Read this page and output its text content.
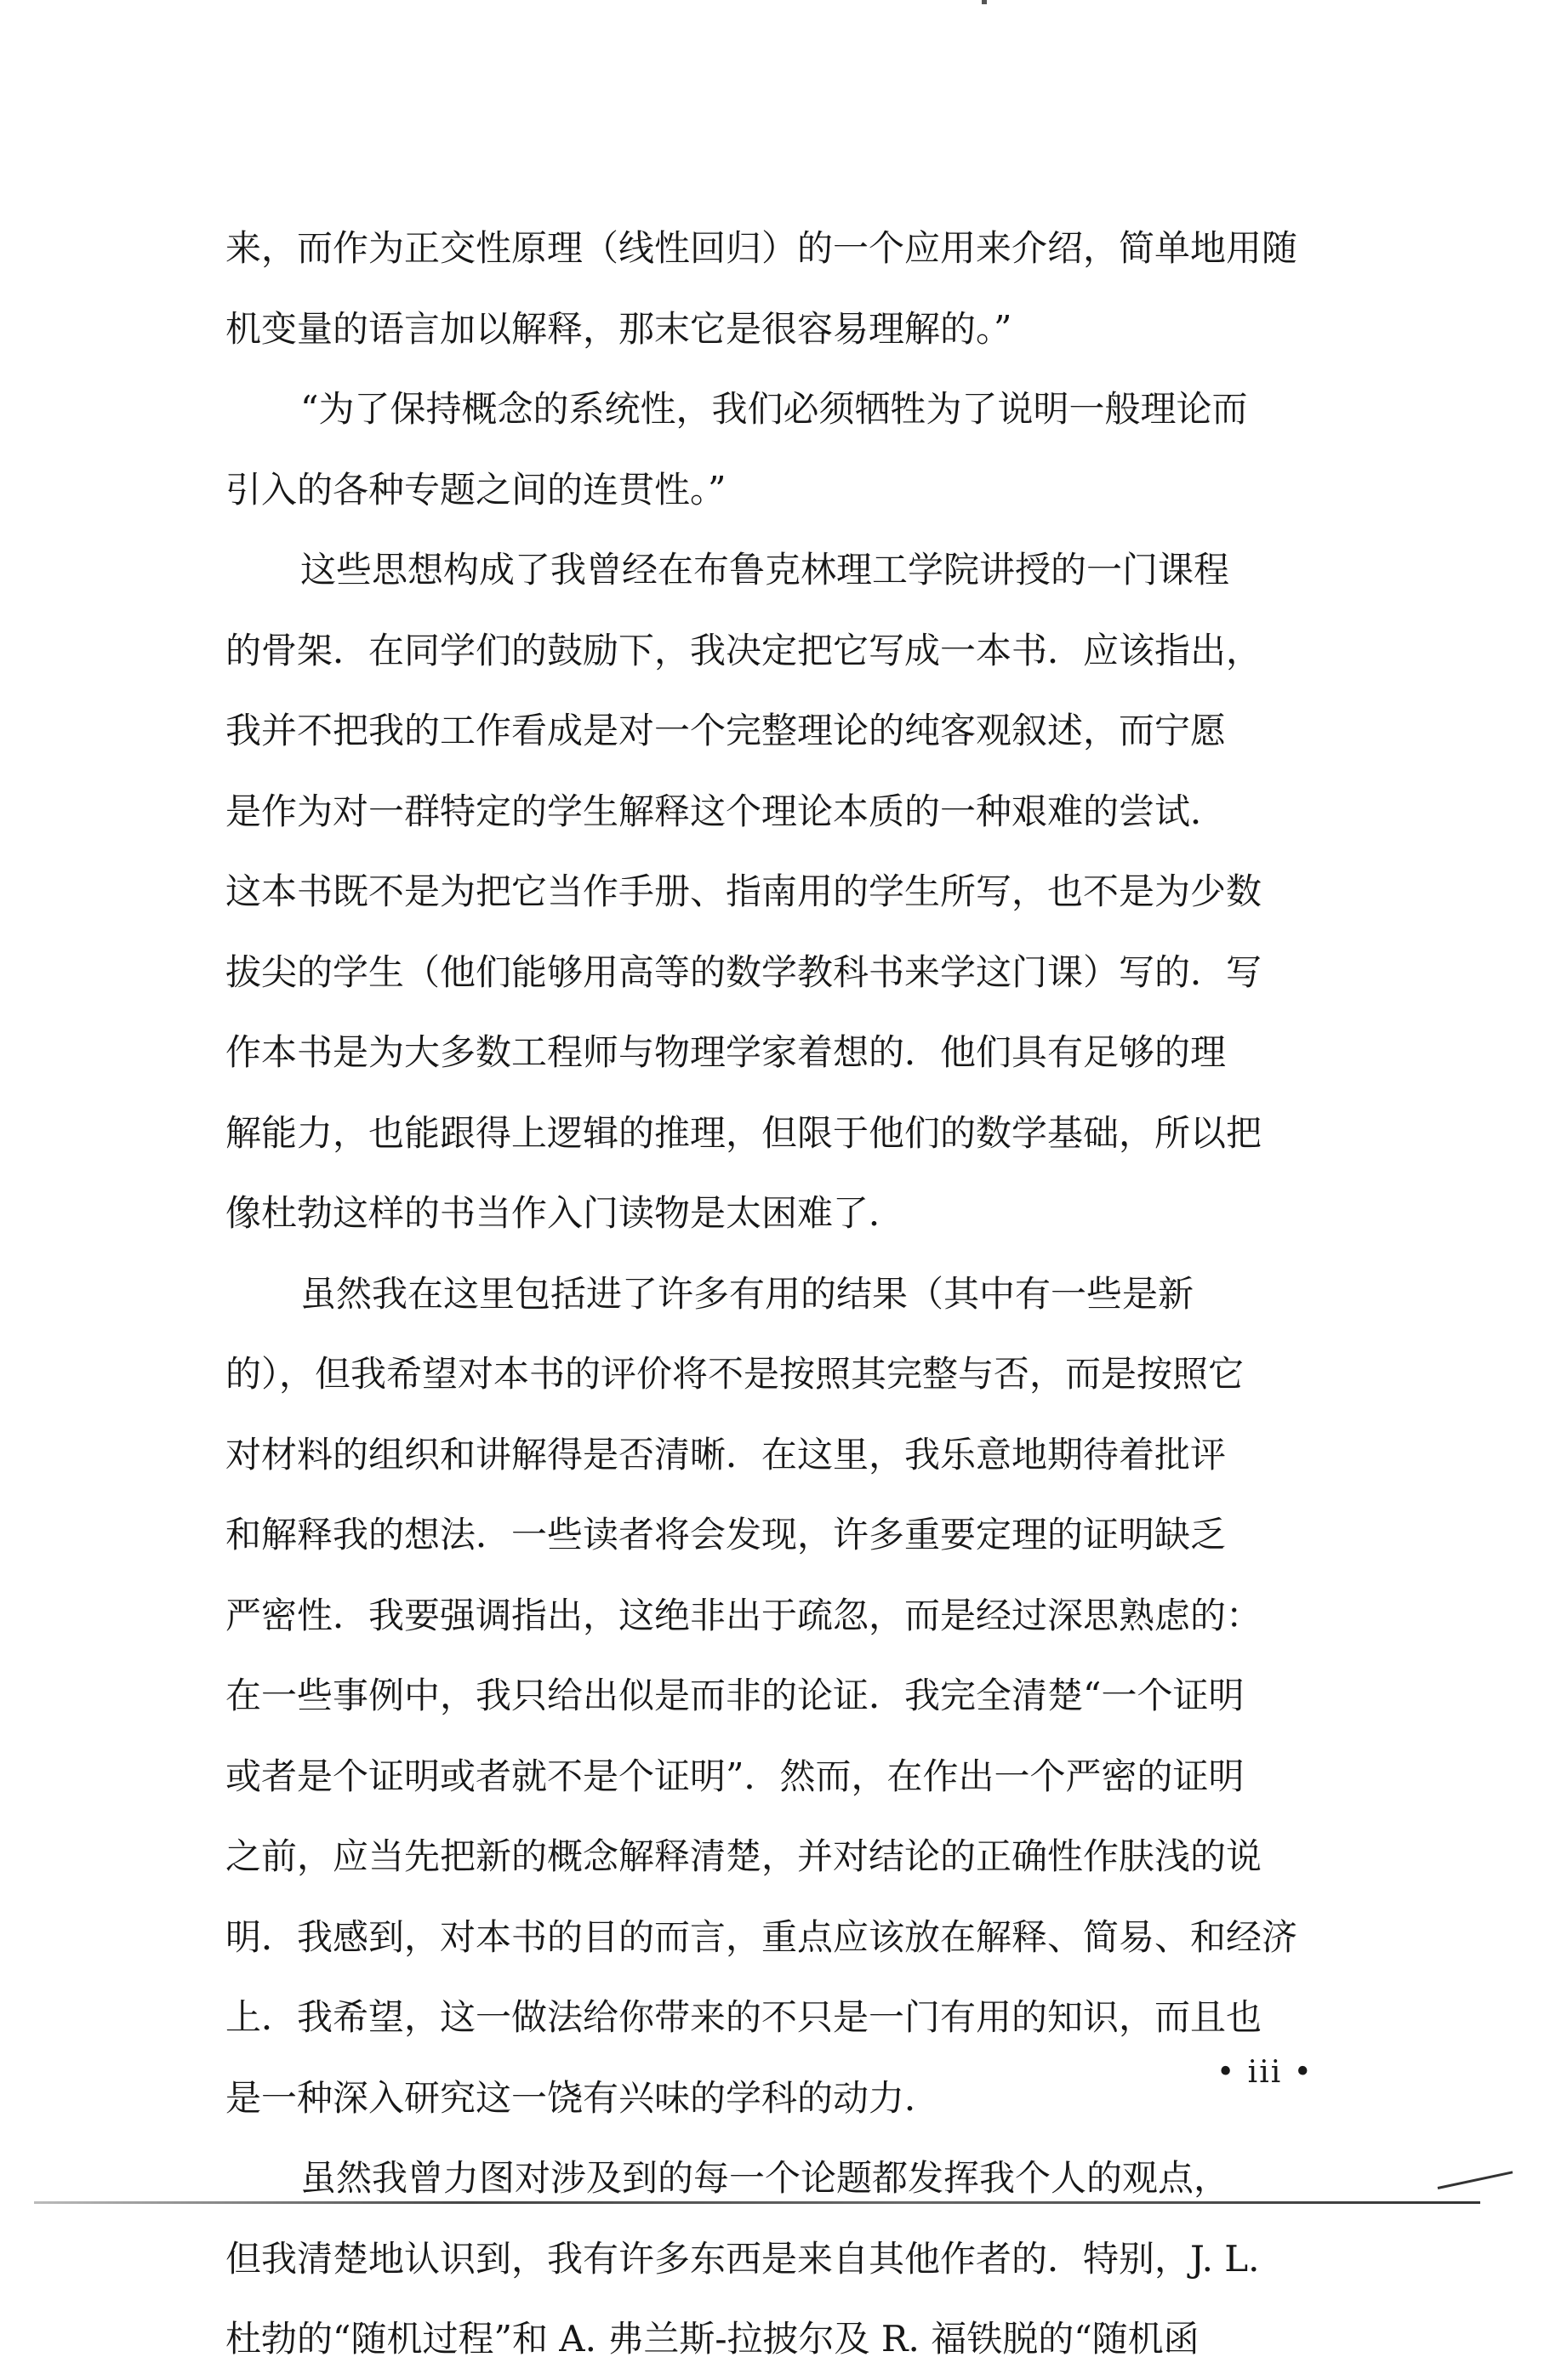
来，而作为正交性原理（线性回归）的一个应用来介绍，简单地用随
机变量的语言加以解释，那末它是很容易理解的。”
“为了保持概念的系统性，我们必须牺牲为了说明一般理论而
引入的各种专题之间的连贯性。”
这些思想构成了我曾经在布鲁克林理工学院讲授的一门课程
的骨架．在同学们的鼓励下，我决定把它写成一本书．应该指出，
我并不把我的工作看成是对一个完整理论的纯客观叙述，而宁愿
是作为对一群特定的学生解释这个理论本质的一种艰难的尝试．
这本书既不是为把它当作手册、指南用的学生所写，也不是为少数
拔尖的学生（他们能够用高等的数学教科书来学这门课）写的．写
作本书是为大多数工程师与物理学家着想的．他们具有足够的理
解能力，也能跟得上逻辑的推理，但限于他们的数学基础，所以把
像杜勃这样的书当作入门读物是太困难了．
虽然我在这里包括进了许多有用的结果（其中有一些是新
的），但我希望对本书的评价将不是按照其完整与否，而是按照它
对材料的组织和讲解得是否清晰．在这里，我乐意地期待着批评
和解释我的想法．一些读者将会发现，许多重要定理的证明缺乏
严密性．我要强调指出，这绝非出于疏忽，而是经过深思熟虑的：
在一些事例中，我只给出似是而非的论证．我完全清楚“一个证明
或者是个证明或者就不是个证明”．然而，在作出一个严密的证明
之前，应当先把新的概念解释清楚，并对结论的正确性作肤浅的说
明．我感到，对本书的目的而言，重点应该放在解释、简易、和经济
上．我希望，这一做法给你带来的不只是一门有用的知识，而且也
是一种深入研究这一饶有兴味的学科的动力．
虽然我曾力图对涉及到的每一个论题都发挥我个人的观点，
但我清楚地认识到，我有许多东西是来自其他作者的．特别，J. L.
杜勃的“随机过程”和 A. 弗兰斯-拉披尔及 R. 福铁脱的“随机函
• iii •
